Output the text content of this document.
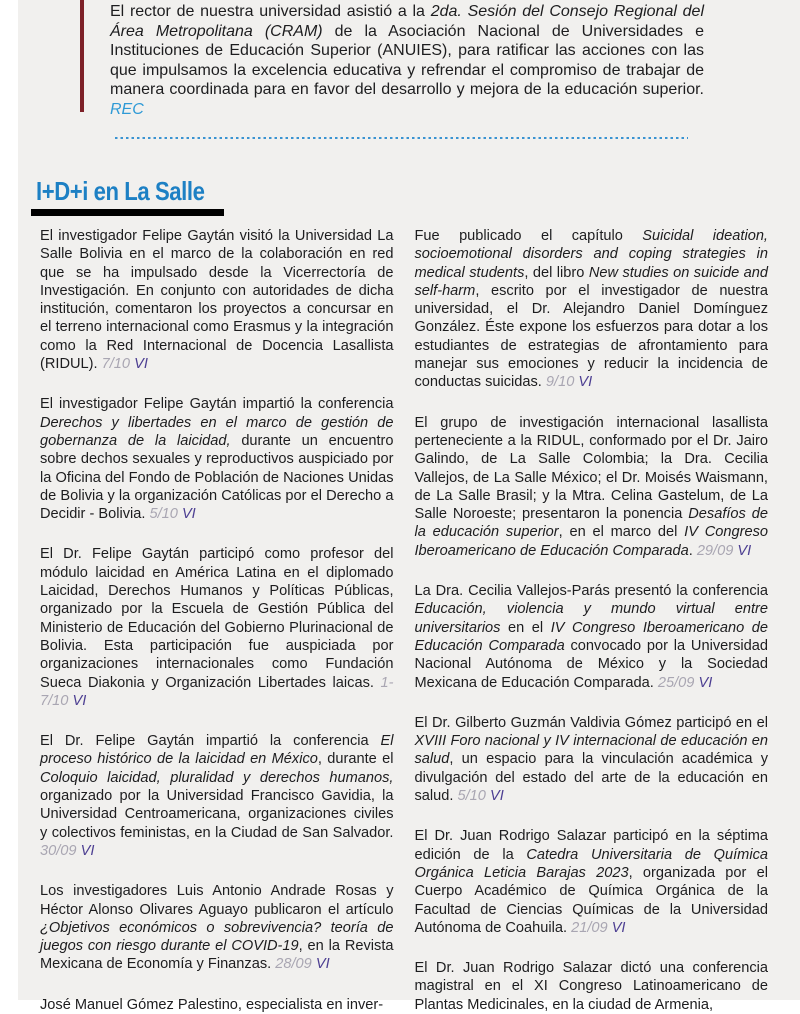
El rector de nuestra universidad asistió a la 2da. Sesión del Consejo Regional del Área Metropolitana (CRAM) de la Asociación Nacional de Universidades e Instituciones de Educación Superior (ANUIES), para ratificar las acciones con las que impulsamos la excelencia educativa y refrendar el compromiso de trabajar de manera coordinada para en favor del desarrollo y mejora de la educación superior. REC

I+D+i en La Salle

El investigador Felipe Gaytán visitó la Universidad La Salle Bolivia en el marco de la colaboración en red que se ha impulsado desde la Vicerrectoría de Investigación. En conjunto con autoridades de dicha institución, comentaron los proyectos a concursar en el terreno internacional como Erasmus y la integración como la Red Internacional de Docencia Lasallista (RIDUL). 7/10 VI

El investigador Felipe Gaytán impartió la conferencia Derechos y libertades en el marco de gestión de gobernanza de la laicidad, durante un encuentro sobre dechos sexuales y reproductivos auspiciado por la Oficina del Fondo de Población de Naciones Unidas de Bolivia y la organización Católicas por el Derecho a Decidir - Bolivia. 5/10 VI

El Dr. Felipe Gaytán participó como profesor del módulo laicidad en América Latina en el diplomado Laicidad, Derechos Humanos y Políticas Públicas, organizado por la Escuela de Gestión Pública del Ministerio de Educación del Gobierno Plurinacional de Bolivia. Esta participación fue auspiciada por organizaciones internacionales como Fundación Sueca Diakonia y Organización Libertades laicas. 1- 7/10 VI

El Dr. Felipe Gaytán impartió la conferencia El proceso histórico de la laicidad en México, durante el Coloquio laicidad, pluralidad y derechos humanos, organizado por la Universidad Francisco Gavidia, la Universidad Centroamericana, organizaciones civiles y colectivos feministas, en la Ciudad de San Salvador. 30/09 VI

Los investigadores Luis Antonio Andrade Rosas y Héctor Alonso Olivares Aguayo publicaron el artículo ¿Objetivos económicos o sobrevivencia? teoría de juegos con riesgo durante el COVID-19, en la Revista Mexicana de Economía y Finanzas. 28/09 VI

José Manuel Gómez Palestino, especialista en inver-

Fue publicado el capítulo Suicidal ideation, socioemotional disorders and coping strategies in medical students, del libro New studies on suicide and self-harm, escrito por el investigador de nuestra universidad, el Dr. Alejandro Daniel Domínguez González. Éste expone los esfuerzos para dotar a los estudiantes de estrategias de afrontamiento para manejar sus emociones y reducir la incidencia de conductas suicidas. 9/10 VI

El grupo de investigación internacional lasallista perteneciente a la RIDUL, conformado por el Dr. Jairo Galindo, de La Salle Colombia; la Dra. Cecilia Vallejos, de La Salle México; el Dr. Moisés Waismann, de La Salle Brasil; y la Mtra. Celina Gastelum, de La Salle Noroeste; presentaron la ponencia Desafíos de la educación superior, en el marco del IV Congreso Iberoamericano de Educación Comparada. 29/09 VI

La Dra. Cecilia Vallejos-Parás presentó la conferencia Educación, violencia y mundo virtual entre universitarios en el IV Congreso Iberoamericano de Educación Comparada convocado por la Universidad Nacional Autónoma de México y la Sociedad Mexicana de Educación Comparada. 25/09 VI

El Dr. Gilberto Guzmán Valdivia Gómez participó en el XVIII Foro nacional y IV internacional de educación en salud, un espacio para la vinculación académica y divulgación del estado del arte de la educación en salud. 5/10 VI

El Dr. Juan Rodrigo Salazar participó en la séptima edición de la Catedra Universitaria de Química Orgánica Leticia Barajas 2023, organizada por el Cuerpo Académico de Química Orgánica de la Facultad de Ciencias Químicas de la Universidad Autónoma de Coahuila. 21/09 VI

El Dr. Juan Rodrigo Salazar dictó una conferencia magistral en el XI Congreso Latinoamericano de Plantas Medicinales, en la ciudad de Armenia,
